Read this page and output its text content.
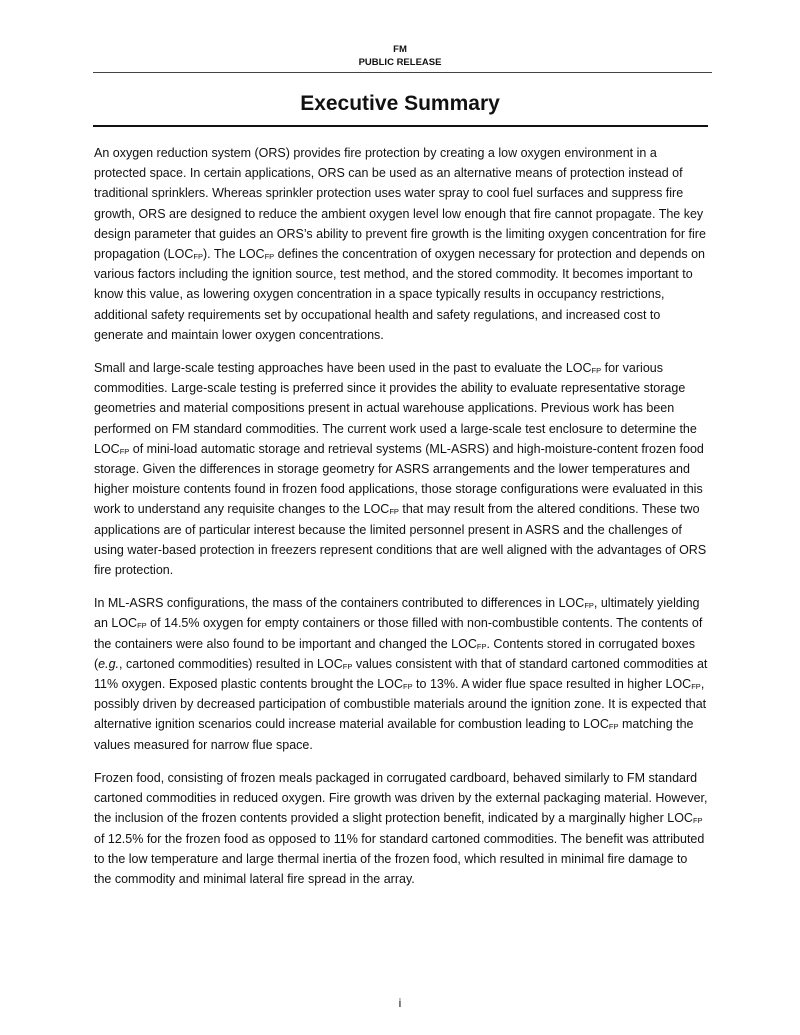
FM
PUBLIC RELEASE
Executive Summary

An oxygen reduction system (ORS) provides fire protection by creating a low oxygen environment in a protected space. In certain applications, ORS can be used as an alternative means of protection instead of traditional sprinklers. Whereas sprinkler protection uses water spray to cool fuel surfaces and suppress fire growth, ORS are designed to reduce the ambient oxygen level low enough that fire cannot propagate. The key design parameter that guides an ORS’s ability to prevent fire growth is the limiting oxygen concentration for fire propagation $(LOC_{FP})$. The $LOC_{FP}$ defines the concentration of oxygen necessary for protection and depends on various factors including the ignition source, test method, and the stored commodity. It becomes important to know this value, as lowering oxygen concentration in a space typically results in occupancy restrictions, additional safety requirements set by occupational health and safety regulations, and increased cost to generate and maintain lower oxygen concentrations.

Small and large-scale testing approaches have been used in the past to evaluate the $LOC_{FP}$ for various commodities. Large-scale testing is preferred since it provides the ability to evaluate representative storage geometries and material compositions present in actual warehouse applications. Previous work has been performed on FM standard commodities. The current work used a large-scale test enclosure to determine the $LOC_{FP}$ of mini-load automatic storage and retrieval systems (ML-ASRS) and high-moisture-content frozen food storage. Given the differences in storage geometry for ASRS arrangements and the lower temperatures and higher moisture contents found in frozen food applications, those storage configurations were evaluated in this work to understand any requisite changes to the $LOC_{FP}$ that may result from the altered conditions. These two applications are of particular interest because the limited personnel present in ASRS and the challenges of using water-based protection in freezers represent conditions that are well aligned with the advantages of ORS fire protection.

In ML-ASRS configurations, the mass of the containers contributed to differences in $LOC_{FP}$, ultimately yielding an $LOC_{FP}$ of 14.5% oxygen for empty containers or those filled with non-combustible contents. The contents of the containers were also found to be important and changed the $LOC_{FP}$. Contents stored in corrugated boxes (e.g., cartoned commodities) resulted in $LOC_{FP}$ values consistent with that of standard cartoned commodities at 11% oxygen. Exposed plastic contents brought the $LOC_{FP}$ to 13%. A wider flue space resulted in higher $LOC_{FP}$, possibly driven by decreased participation of combustible materials around the ignition zone. It is expected that alternative ignition scenarios could increase material available for combustion leading to $LOC_{FP}$ matching the values measured for narrow flue space.

Frozen food, consisting of frozen meals packaged in corrugated cardboard, behaved similarly to FM standard cartoned commodities in reduced oxygen. Fire growth was driven by the external packaging material. However, the inclusion of the frozen contents provided a slight protection benefit, indicated by a marginally higher $LOC_{FP}$ of 12.5% for the frozen food as opposed to 11% for standard cartoned commodities. The benefit was attributed to the low temperature and large thermal inertia of the frozen food, which resulted in minimal fire damage to the commodity and minimal lateral fire spread in the array.

i
